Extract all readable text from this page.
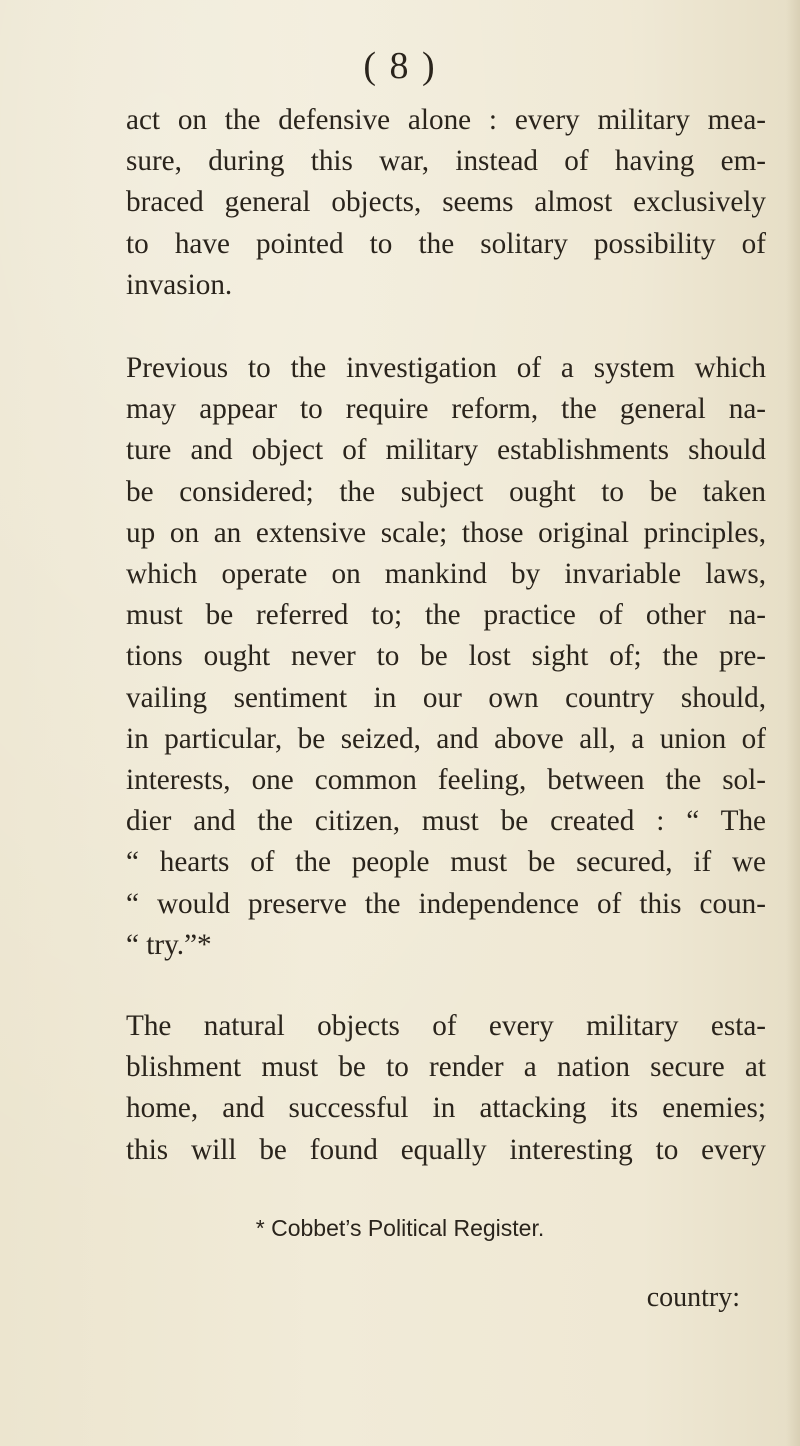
( 8 )

act on the defensive alone : every military mea-
sure, during this war, instead of having em-
braced general objects, seems almost exclusively
to have pointed to the solitary possibility of
invasion.

Previous to the investigation of a system which
may appear to require reform, the general na-
ture and object of military establishments should
be considered; the subject ought to be taken
up on an extensive scale; those original principles,
which operate on mankind by invariable laws,
must be referred to; the practice of other na-
tions ought never to be lost sight of; the pre-
vailing sentiment in our own country should,
in particular, be seized, and above all, a union of
interests, one common feeling, between the sol-
dier and the citizen, must be created : “ The
“ hearts of the people must be secured, if we
“ would preserve the independence of this coun-
“ try.”*

The natural objects of every military esta-
blishment must be to render a nation secure at
home, and successful in attacking its enemies;
this will be found equally interesting to every

* Cobbet’s Political Register.
country:
